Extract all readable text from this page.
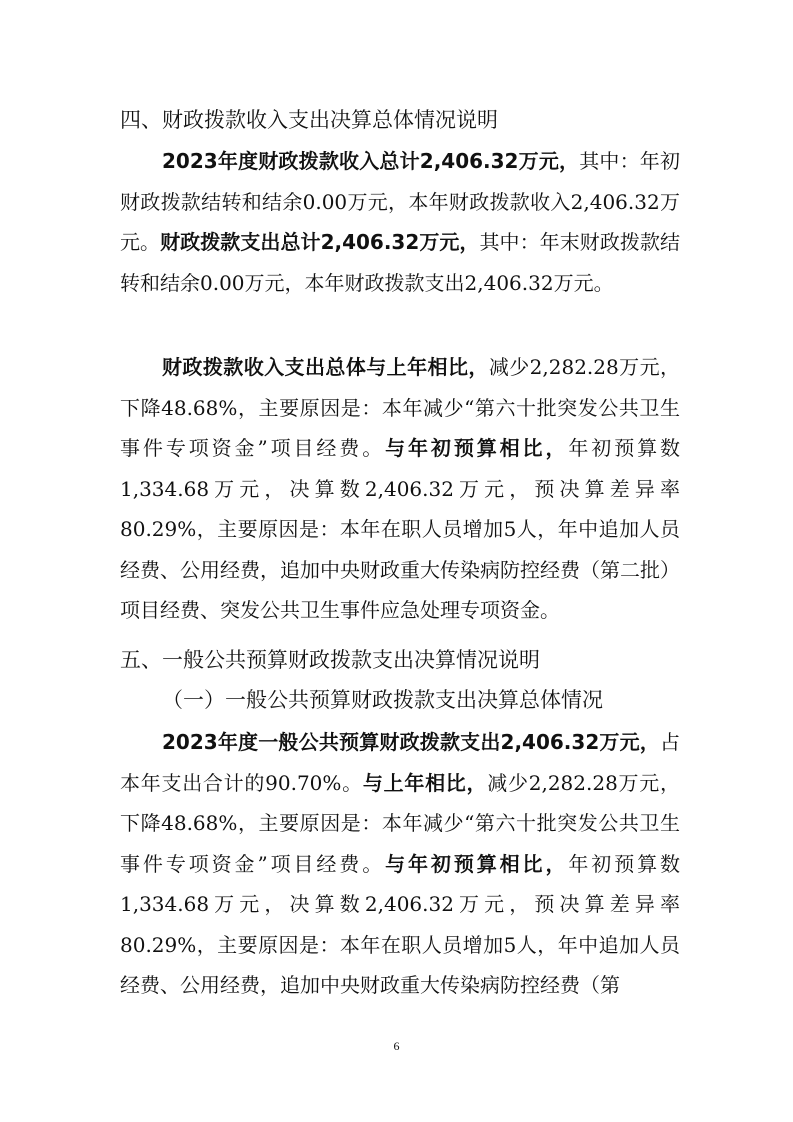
四、财政拨款收入支出决算总体情况说明
2023年度财政拨款收入总计2,406.32万元，其中：年初财政拨款结转和结余0.00万元，本年财政拨款收入2,406.32万元。财政拨款支出总计2,406.32万元，其中：年末财政拨款结转和结余0.00万元，本年财政拨款支出2,406.32万元。
财政拨款收入支出总体与上年相比，减少2,282.28万元，下降48.68%，主要原因是：本年减少“第六十批突发公共卫生事件专项资金”项目经费。与年初预算相比，年初预算数1,334.68万元，决算数2,406.32万元，预决算差异率80.29%，主要原因是：本年在职人员增加5人，年中追加人员经费、公用经费，追加中央财政重大传染病防控经费（第二批）项目经费、突发公共卫生事件应急处理专项资金。
五、一般公共预算财政拨款支出决算情况说明
（一）一般公共预算财政拨款支出决算总体情况
2023年度一般公共预算财政拨款支出2,406.32万元，占本年支出合计的90.70%。与上年相比，减少2,282.28万元，下降48.68%，主要原因是：本年减少“第六十批突发公共卫生事件专项资金”项目经费。与年初预算相比，年初预算数1,334.68万元，决算数2,406.32万元，预决算差异率80.29%，主要原因是：本年在职人员增加5人，年中追加人员经费、公用经费，追加中央财政重大传染病防控经费（第
6
